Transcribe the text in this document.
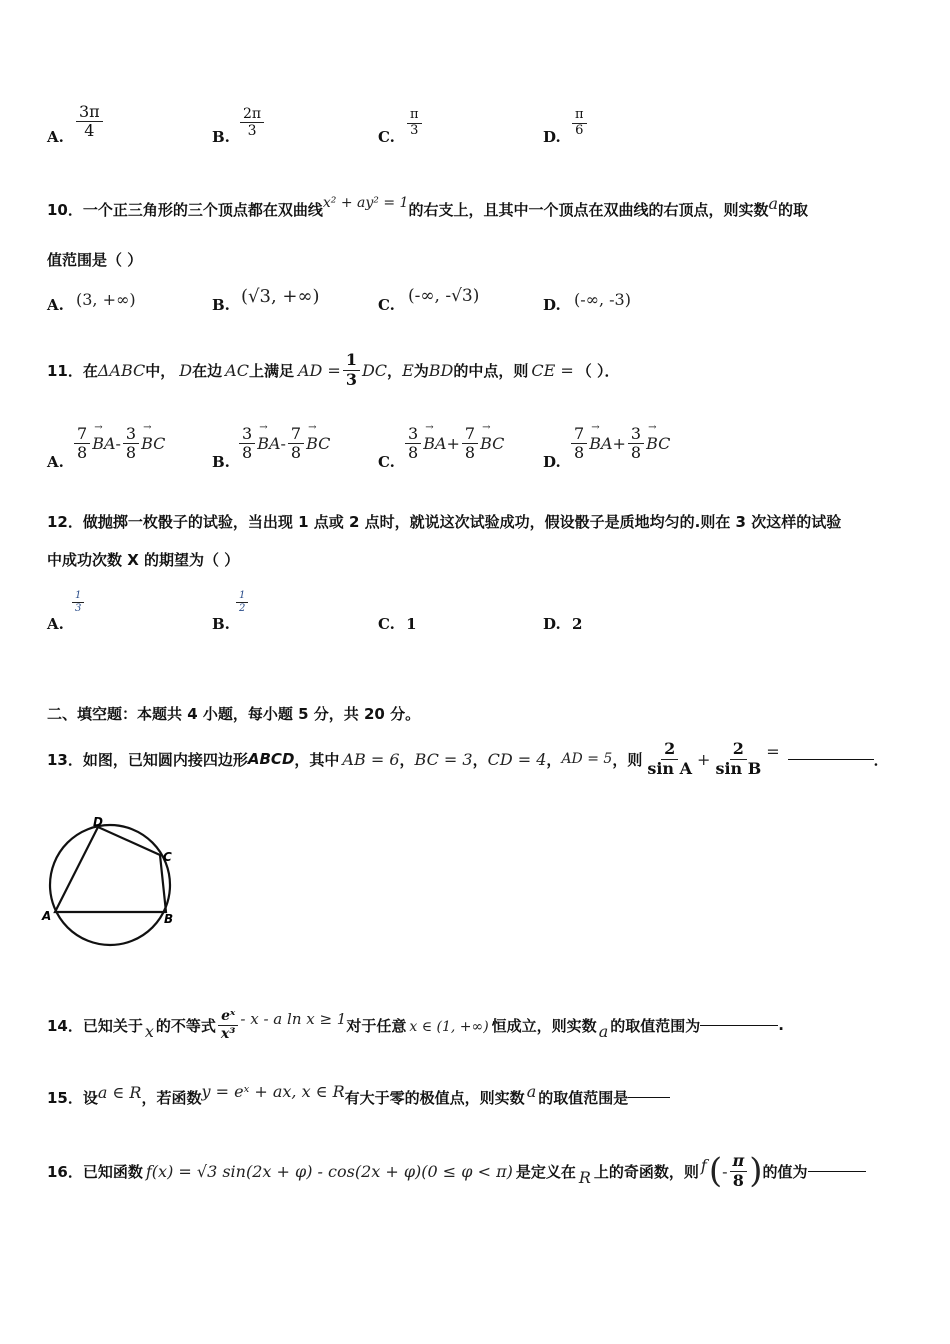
A. $\frac{3\pi}{4}$	B. $\frac{2\pi}{3}$	C. $\frac{\pi}{3}$	D. $\frac{\pi}{6}$
10．一个正三角形的三个顶点都在双曲线x² + ay² = 1的右支上，且其中一个顶点在双曲线的右顶点，则实数a的取
值范围是（ ）
A. (3, +∞)	B. (√3, +∞)	C. (-∞, -√3)	D. (-∞, -3)
11．在 ΔABC 中， D 在边 AC 上满足 AD = $\frac{1}{3}$ DC ， E 为 BD 的中点，则 CE = （ ）．
A. $\frac{7}{8}$ → BA - $\frac{3}{8}$ → BC
B. $\frac{3}{8}$ → BA - $\frac{7}{8}$ → BC
C. $\frac{3}{8}$ → BA + $\frac{7}{8}$ → BC
D. $\frac{7}{8}$ → BA + $\frac{3}{8}$ → BC
12．做抛掷一枚骰子的试验，当出现 1 点或 2 点时，就说这次试验成功，假设骰子是质地均匀的.则在 3 次这样的试验
中成功次数 X 的期望为（ ）
A.
$\frac{1}{3}$
B.
$\frac{1}{2}$
C. 1	D. 2
二、填空题：本题共 4 小题，每小题 5 分，共 20 分。
13．如图，已知圆内接四边形 ABCD ，其中 AB = 6 ， BC = 3 ， CD = 4 ， AD = 5 ，则 $\frac{2}{\text{sin A}} + \frac{2}{\text{sin B}}$ =	．
A	B
C
D
14．已知关于 x 的不等式 $\frac{\text{eˣ}}{\text{x³}}$ - x - a ln x ≥ 1 对于任意 x ∈ (1, +∞) 恒成立，则实数 a 的取值范围为	.
15．设 a ∈ R ，若函数 y = eˣ + ax, x ∈ R 有大于零的极值点，则实数 a 的取值范围是
16．已知函数 f(x) = √3 sin(2x + φ) - cos(2x + φ)(0 ≤ φ < π) 是定义在 R 上的奇函数，则 f ( - $\frac{\pi}{8}$ ) 的值为
